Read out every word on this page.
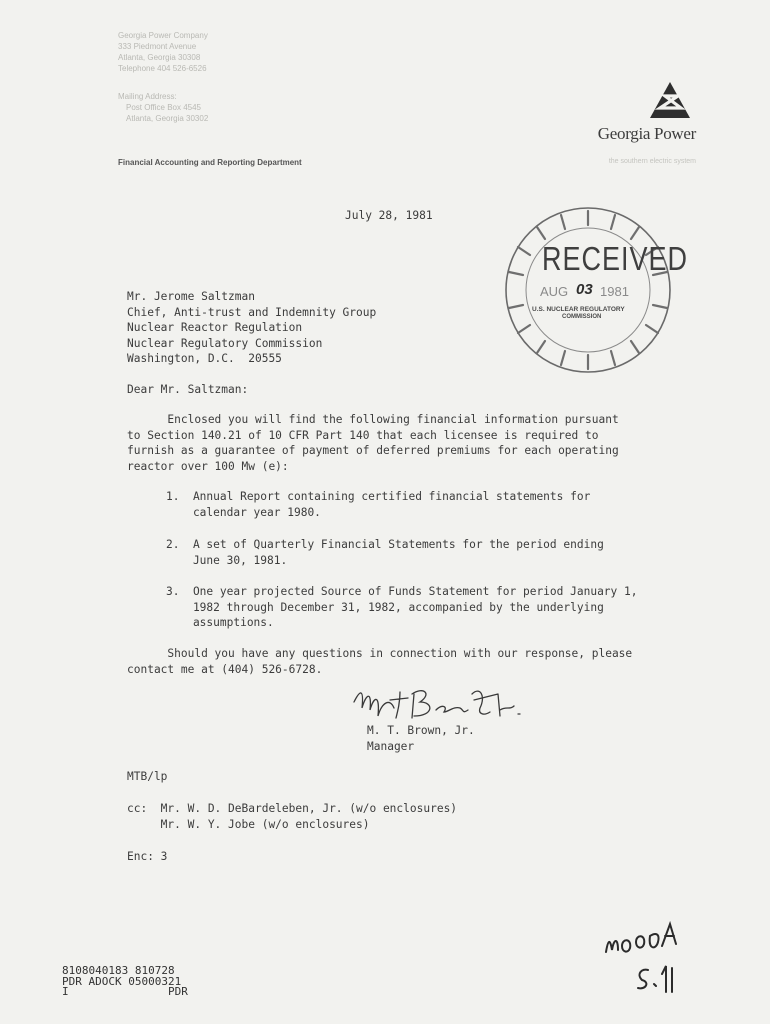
Georgia Power Company
333 Piedmont Avenue
Atlanta, Georgia 30308
Telephone 404 526-6526
Mailing Address:
Post Office Box 4545
Atlanta, Georgia 30302
Georgia Power
the southern electric system
Financial Accounting and Reporting Department
RECEIVED
AUG 03 1981
U.S. NUCLEAR REGULATORY
COMMISSION
July 28, 1981
Mr. Jerome Saltzman
Chief, Anti-trust and Indemnity Group
Nuclear Reactor Regulation
Nuclear Regulatory Commission
Washington, D.C.  20555
Dear Mr. Saltzman:
Enclosed you will find the following financial information pursuant
to Section 140.21 of 10 CFR Part 140 that each licensee is required to
furnish as a guarantee of payment of deferred premiums for each operating
reactor over 100 Mw (e):
1.  Annual Report containing certified financial statements for
calendar year 1980.
2.  A set of Quarterly Financial Statements for the period ending
June 30, 1981.
3.  One year projected Source of Funds Statement for period January 1,
1982 through December 31, 1982, accompanied by the underlying
assumptions.
Should you have any questions in connection with our response, please
contact me at (404) 526-6728.
M. T. Brown, Jr.
Manager
MTB/lp
cc:  Mr. W. D. DeBardeleben, Jr. (w/o enclosures)
Mr. W. Y. Jobe (w/o enclosures)
Enc: 3
8108040183 810728
PDR ADOCK 05000321
I               PDR
